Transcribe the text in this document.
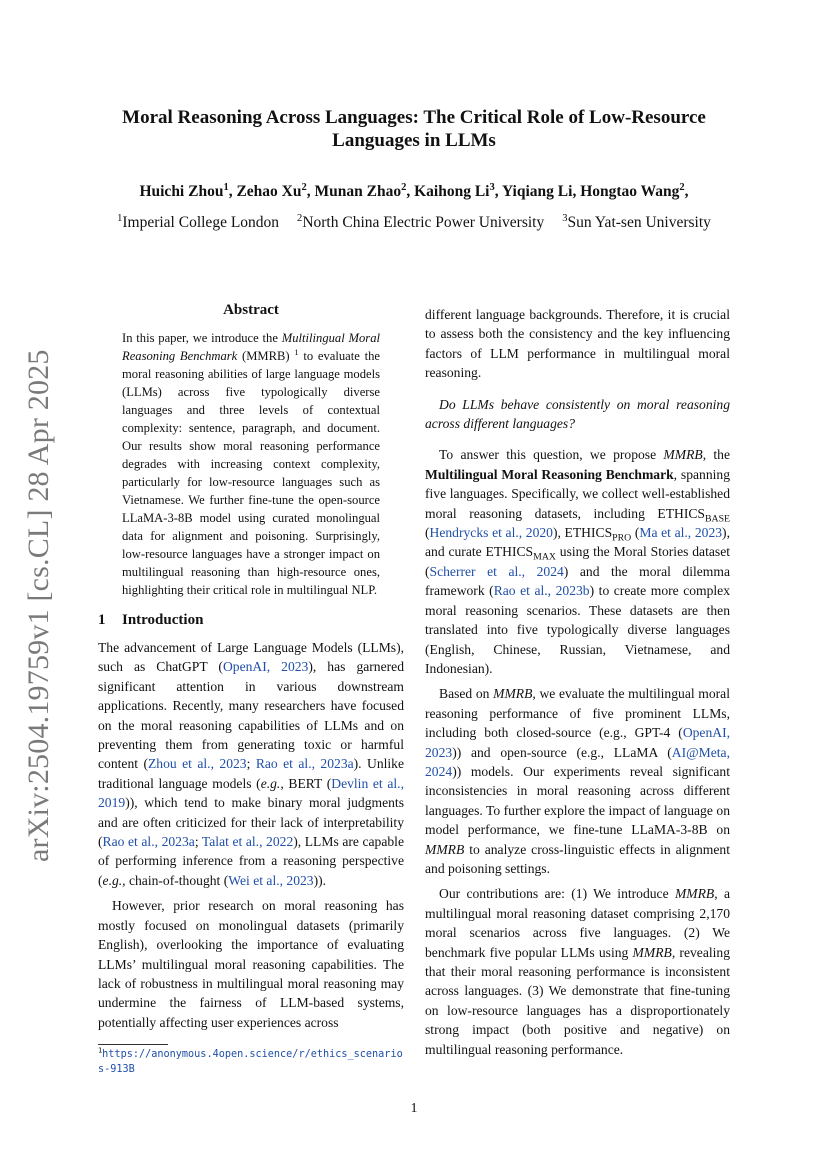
arXiv:2504.19759v1 [cs.CL] 28 Apr 2025
Moral Reasoning Across Languages: The Critical Role of Low-Resource Languages in LLMs
Huichi Zhou$^1$, Zehao Xu$^2$, Munan Zhao$^2$, Kaihong Li$^3$, Yiqiang Li, Hongtao Wang$^2$,
$^1$Imperial College London $^2$North China Electric Power University $^3$Sun Yat-sen University
Abstract

In this paper, we introduce the Multilingual Moral Reasoning Benchmark (MMRB) $^1$ to evaluate the moral reasoning abilities of large language models (LLMs) across five typologically diverse languages and three levels of contextual complexity: sentence, paragraph, and document. Our results show moral reasoning performance degrades with increasing context complexity, particularly for low-resource languages such as Vietnamese. We further fine-tune the open-source LLaMA-3-8B model using curated monolingual data for alignment and poisoning. Surprisingly, low-resource languages have a stronger impact on multilingual reasoning than high-resource ones, highlighting their critical role in multilingual NLP.

1 Introduction

The advancement of Large Language Models (LLMs), such as ChatGPT (OpenAI, 2023), has garnered significant attention in various downstream applications. Recently, many researchers have focused on the moral reasoning capabilities of LLMs and on preventing them from generating toxic or harmful content (Zhou et al., 2023; Rao et al., 2023a). Unlike traditional language models (e.g., BERT (Devlin et al., 2019)), which tend to make binary moral judgments and are often criticized for their lack of interpretability (Rao et al., 2023a; Talat et al., 2022), LLMs are capable of performing inference from a reasoning perspective (e.g., chain-of-thought (Wei et al., 2023)).

However, prior research on moral reasoning has mostly focused on monolingual datasets (primarily English), overlooking the importance of evaluating LLMs’ multilingual moral reasoning capabilities. The lack of robustness in multilingual moral reasoning may undermine the fairness of LLM-based systems, potentially affecting user experiences across

different language backgrounds. Therefore, it is crucial to assess both the consistency and the key influencing factors of LLM performance in multilingual moral reasoning.

Do LLMs behave consistently on moral reasoning across different languages?

To answer this question, we propose MMRB, the Multilingual Moral Reasoning Benchmark, spanning five languages. Specifically, we collect well-established moral reasoning datasets, including $ETHICS_{BASE}$ (Hendrycks et al., 2020), $ETHICS_{PRO}$ (Ma et al., 2023), and curate $ETHICS_{MAX}$ using the Moral Stories dataset (Scherrer et al., 2024) and the moral dilemma framework (Rao et al., 2023b) to create more complex moral reasoning scenarios. These datasets are then translated into five typologically diverse languages (English, Chinese, Russian, Vietnamese, and Indonesian).

Based on MMRB, we evaluate the multilingual moral reasoning performance of five prominent LLMs, including both closed-source (e.g., GPT-4 (OpenAI, 2023)) and open-source (e.g., LLaMA (AI@Meta, 2024)) models. Our experiments reveal significant inconsistencies in moral reasoning across different languages. To further explore the impact of language on model performance, we fine-tune LLaMA-3-8B on MMRB to analyze cross-linguistic effects in alignment and poisoning settings.

Our contributions are: (1) We introduce MMRB, a multilingual moral reasoning dataset comprising 2,170 moral scenarios across five languages. (2) We benchmark five popular LLMs using MMRB, revealing that their moral reasoning performance is inconsistent across languages. (3) We demonstrate that fine-tuning on low-resource languages has a disproportionately strong impact (both positive and negative) on multilingual reasoning performance.

$^1$https://anonymous.4open.science/r/ethics_scenarios-913B
1
